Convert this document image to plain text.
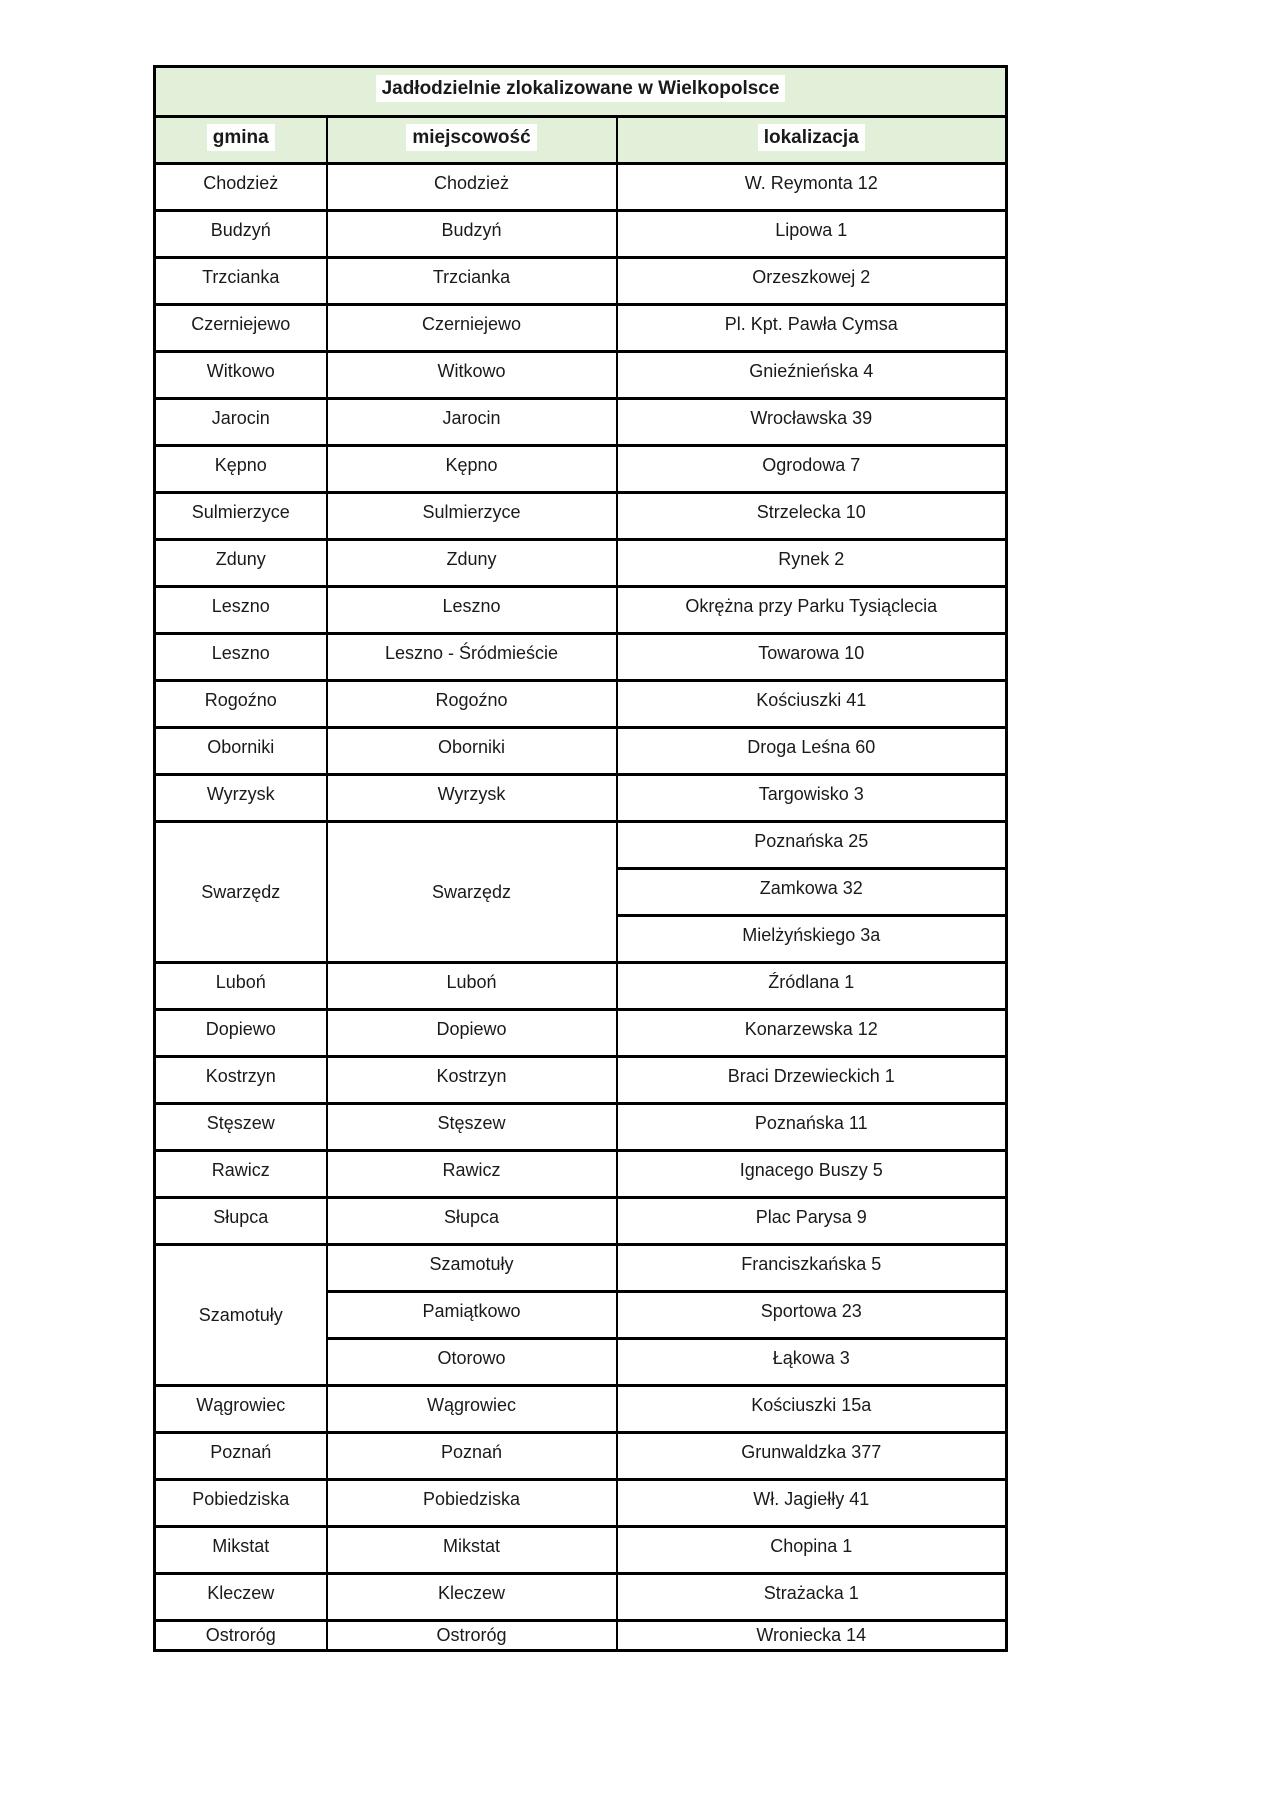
Jadłodzielnie zlokalizowane w Wielkopolsce		
gmina	miejscowość	lokalizacja
Chodzież	Chodzież	W. Reymonta 12
Budzyń	Budzyń	Lipowa 1
Trzcianka	Trzcianka	Orzeszkowej 2
Czerniejewo	Czerniejewo	Pl. Kpt. Pawła Cymsa
Witkowo	Witkowo	Gnieźnieńska 4
Jarocin	Jarocin	Wrocławska 39
Kępno	Kępno	Ogrodowa 7
Sulmierzyce	Sulmierzyce	Strzelecka 10
Zduny	Zduny	Rynek 2
Leszno	Leszno	Okrężna przy Parku Tysiąclecia
Leszno	Leszno - Śródmieście	Towarowa 10
Rogoźno	Rogoźno	Kościuszki 41
Oborniki	Oborniki	Droga Leśna 60
Wyrzysk	Wyrzysk	Targowisko 3
Swarzędz	Swarzędz	Poznańska 25
		Zamkowa 32
		Mielżyńskiego 3a
Luboń	Luboń	Źródlana 1
Dopiewo	Dopiewo	Konarzewska 12
Kostrzyn	Kostrzyn	Braci Drzewieckich 1
Stęszew	Stęszew	Poznańska 11
Rawicz	Rawicz	Ignacego Buszy 5
Słupca	Słupca	Plac Parysa 9
Szamotuły	Szamotuły	Franciszkańska 5
	Pamiątkowo	Sportowa 23
	Otorowo	Łąkowa 3
Wągrowiec	Wągrowiec	Kościuszki 15a
Poznań	Poznań	Grunwaldzka 377
Pobiedziska	Pobiedziska	Wł. Jagiełły 41
Mikstat	Mikstat	Chopina 1
Kleczew	Kleczew	Strażacka 1
Ostroróg	Ostroróg	Wroniecka 14
